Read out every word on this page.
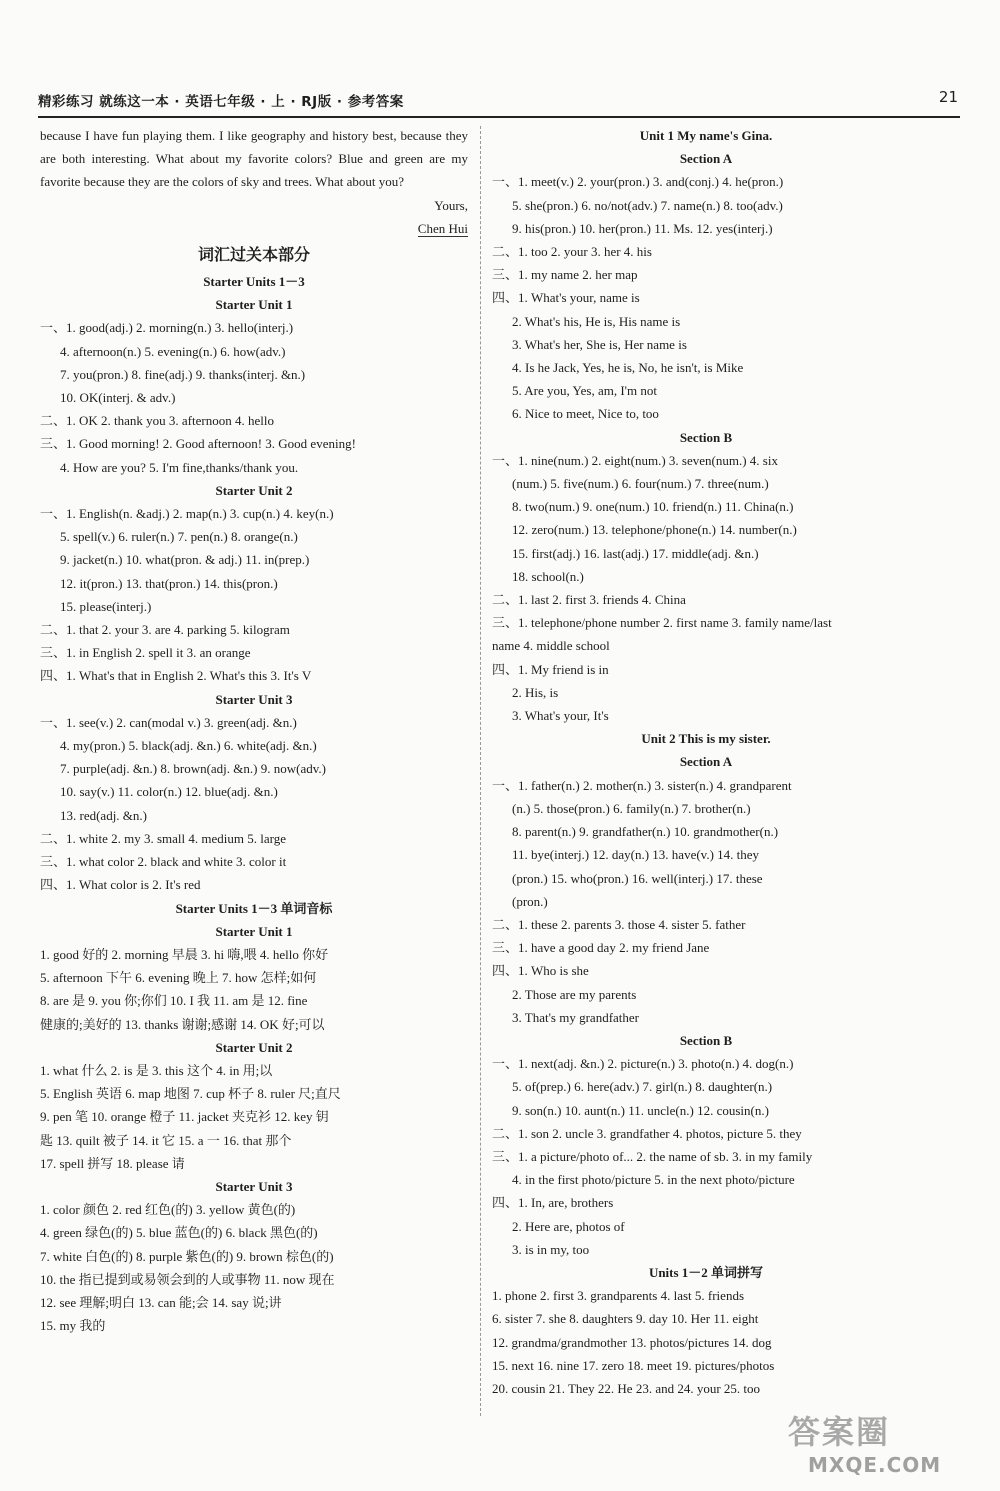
精彩练习 就练这一本 · 英语七年级 · 上 · RJ版 · 参考答案	21
because I have fun playing them. I like geography and history best, because they are both interesting. What about my favorite colors? Blue and green are my favorite because they are the colors of sky and trees. What about you?
Yours,
Chen Hui
词汇过关本部分
Starter Units 1－3
Starter Unit 1
一、1. good(adj.) 2. morning(n.) 3. hello(interj.)
4. afternoon(n.) 5. evening(n.) 6. how(adv.)
7. you(pron.) 8. fine(adj.) 9. thanks(interj. &n.)
10. OK(interj. & adv.)
二、1. OK 2. thank you 3. afternoon 4. hello
三、1. Good morning! 2. Good afternoon! 3. Good evening!
4. How are you? 5. I'm fine,thanks/thank you.
Starter Unit 2
一、1. English(n. &adj.) 2. map(n.) 3. cup(n.) 4. key(n.)
5. spell(v.) 6. ruler(n.) 7. pen(n.) 8. orange(n.)
9. jacket(n.) 10. what(pron. & adj.) 11. in(prep.)
12. it(pron.) 13. that(pron.) 14. this(pron.)
15. please(interj.)
二、1. that 2. your 3. are 4. parking 5. kilogram
三、1. in English 2. spell it 3. an orange
四、1. What's that in English 2. What's this 3. It's V
Starter Unit 3
一、1. see(v.) 2. can(modal v.) 3. green(adj. &n.)
4. my(pron.) 5. black(adj. &n.) 6. white(adj. &n.)
7. purple(adj. &n.) 8. brown(adj. &n.) 9. now(adv.)
10. say(v.) 11. color(n.) 12. blue(adj. &n.)
13. red(adj. &n.)
二、1. white 2. my 3. small 4. medium 5. large
三、1. what color 2. black and white 3. color it
四、1. What color is 2. It's red
Starter Units 1－3 单词音标
Starter Unit 1
1. good 好的 2. morning 早晨 3. hi 嗨,喂 4. hello 你好
5. afternoon 下午 6. evening 晚上 7. how 怎样;如何
8. are 是 9. you 你;你们 10. I 我 11. am 是 12. fine
健康的;美好的 13. thanks 谢谢;感谢 14. OK 好;可以
Starter Unit 2
1. what 什么 2. is 是 3. this 这个 4. in 用;以
5. English 英语 6. map 地图 7. cup 杯子 8. ruler 尺;直尺
9. pen 笔 10. orange 橙子 11. jacket 夹克衫 12. key 钥
匙 13. quilt 被子 14. it 它 15. a 一 16. that 那个
17. spell 拼写 18. please 请
Starter Unit 3
1. color 颜色 2. red 红色(的) 3. yellow 黄色(的)
4. green 绿色(的) 5. blue 蓝色(的) 6. black 黑色(的)
7. white 白色(的) 8. purple 紫色(的) 9. brown 棕色(的)
10. the 指已提到或易领会到的人或事物 11. now 现在
12. see 理解;明白 13. can 能;会 14. say 说;讲
15. my 我的
Unit 1 My name's Gina.
Section A
一、1. meet(v.) 2. your(pron.) 3. and(conj.) 4. he(pron.)
5. she(pron.) 6. no/not(adv.) 7. name(n.) 8. too(adv.)
9. his(pron.) 10. her(pron.) 11. Ms. 12. yes(interj.)
二、1. too 2. your 3. her 4. his
三、1. my name 2. her map
四、1. What's your, name is
2. What's his, He is, His name is
3. What's her, She is, Her name is
4. Is he Jack, Yes, he is, No, he isn't, is Mike
5. Are you, Yes, am, I'm not
6. Nice to meet, Nice to, too
Section B
一、1. nine(num.) 2. eight(num.) 3. seven(num.) 4. six
(num.) 5. five(num.) 6. four(num.) 7. three(num.)
8. two(num.) 9. one(num.) 10. friend(n.) 11. China(n.)
12. zero(num.) 13. telephone/phone(n.) 14. number(n.)
15. first(adj.) 16. last(adj.) 17. middle(adj. &n.)
18. school(n.)
二、1. last 2. first 3. friends 4. China
三、1. telephone/phone number 2. first name 3. family name/last
name 4. middle school
四、1. My friend is in
2. His, is
3. What's your, It's
Unit 2 This is my sister.
Section A
一、1. father(n.) 2. mother(n.) 3. sister(n.) 4. grandparent
(n.) 5. those(pron.) 6. family(n.) 7. brother(n.)
8. parent(n.) 9. grandfather(n.) 10. grandmother(n.)
11. bye(interj.) 12. day(n.) 13. have(v.) 14. they
(pron.) 15. who(pron.) 16. well(interj.) 17. these
(pron.)
二、1. these 2. parents 3. those 4. sister 5. father
三、1. have a good day 2. my friend Jane
四、1. Who is she
2. Those are my parents
3. That's my grandfather
Section B
一、1. next(adj. &n.) 2. picture(n.) 3. photo(n.) 4. dog(n.)
5. of(prep.) 6. here(adv.) 7. girl(n.) 8. daughter(n.)
9. son(n.) 10. aunt(n.) 11. uncle(n.) 12. cousin(n.)
二、1. son 2. uncle 3. grandfather 4. photos, picture 5. they
三、1. a picture/photo of... 2. the name of sb. 3. in my family
4. in the first photo/picture 5. in the next photo/picture
四、1. In, are, brothers
2. Here are, photos of
3. is in my, too
Units 1－2 单词拼写
1. phone 2. first 3. grandparents 4. last 5. friends
6. sister 7. she 8. daughters 9. day 10. Her 11. eight
12. grandma/grandmother 13. photos/pictures 14. dog
15. next 16. nine 17. zero 18. meet 19. pictures/photos
20. cousin 21. They 22. He 23. and 24. your 25. too
答案圈
MXQE.COM
